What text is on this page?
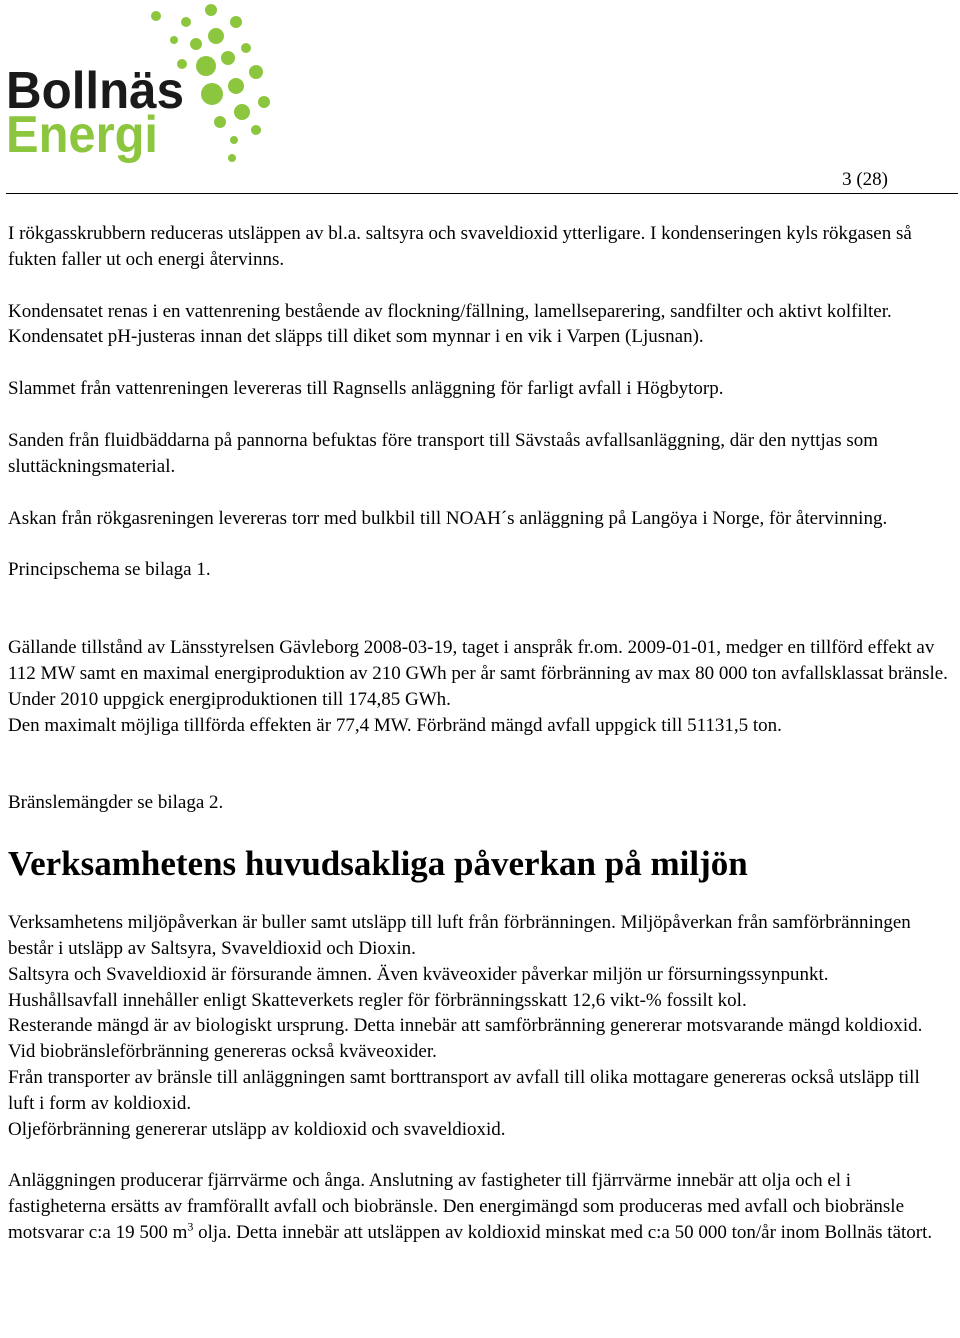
Bollnäs
Energi
3 (28)

I rökgasskrubbern reduceras utsläppen av bl.a. saltsyra och svaveldioxid ytterligare. I kondenseringen kyls rökgasen så fukten faller ut och energi återvinns.

Kondensatet renas i en vattenrening bestående av flockning/fällning, lamellseparering, sandfilter och aktivt kolfilter. Kondensatet pH-justeras innan det släpps till diket som mynnar i en vik i Varpen (Ljusnan).

Slammet från vattenreningen levereras till Ragnsells anläggning för farligt avfall i Högbytorp.

Sanden från fluidbäddarna på pannorna befuktas före transport till Sävstaås avfallsanläggning, där den nyttjas som sluttäckningsmaterial.

Askan från rökgasreningen levereras torr med bulkbil till NOAH´s anläggning på Langöya i Norge, för återvinning.

Principschema se bilaga 1.

Gällande tillstånd av Länsstyrelsen Gävleborg 2008-03-19, taget i anspråk fr.om. 2009-01-01, medger en tillförd effekt av 112 MW samt en maximal energiproduktion av 210 GWh per år samt förbränning av max 80 000 ton avfallsklassat bränsle. Under 2010 uppgick energiproduktionen till 174,85 GWh.

Den maximalt möjliga tillförda effekten är 77,4 MW. Förbränd mängd avfall uppgick till 51131,5 ton.

Bränslemängder se bilaga 2.

Verksamhetens huvudsakliga påverkan på miljön
Verksamhetens miljöpåverkan är buller samt utsläpp till luft från förbränningen. Miljöpåverkan från samförbränningen består i utsläpp av Saltsyra, Svaveldioxid och Dioxin.
Saltsyra och Svaveldioxid är försurande ämnen. Även kväveoxider påverkar miljön ur försurningssynpunkt.
Hushållsavfall innehåller enligt Skatteverkets regler för förbränningsskatt 12,6 vikt-% fossilt kol.
Resterande mängd är av biologiskt ursprung. Detta innebär att samförbränning genererar motsvarande mängd koldioxid. Vid biobränsleförbränning genereras också kväveoxider.
Från transporter av bränsle till anläggningen samt borttransport av avfall till olika mottagare genereras också utsläpp till luft i form av koldioxid.
Oljeförbränning genererar utsläpp av koldioxid och svaveldioxid.

Anläggningen producerar fjärrvärme och ånga. Anslutning av fastigheter till fjärrvärme innebär att olja och el i fastigheterna ersätts av framförallt avfall och biobränsle. Den energimängd som produceras med avfall och biobränsle motsvarar c:a 19 500 $m^3$ olja. Detta innebär att utsläppen av koldioxid minskat med c:a 50 000 ton/år inom Bollnäs tätort.
